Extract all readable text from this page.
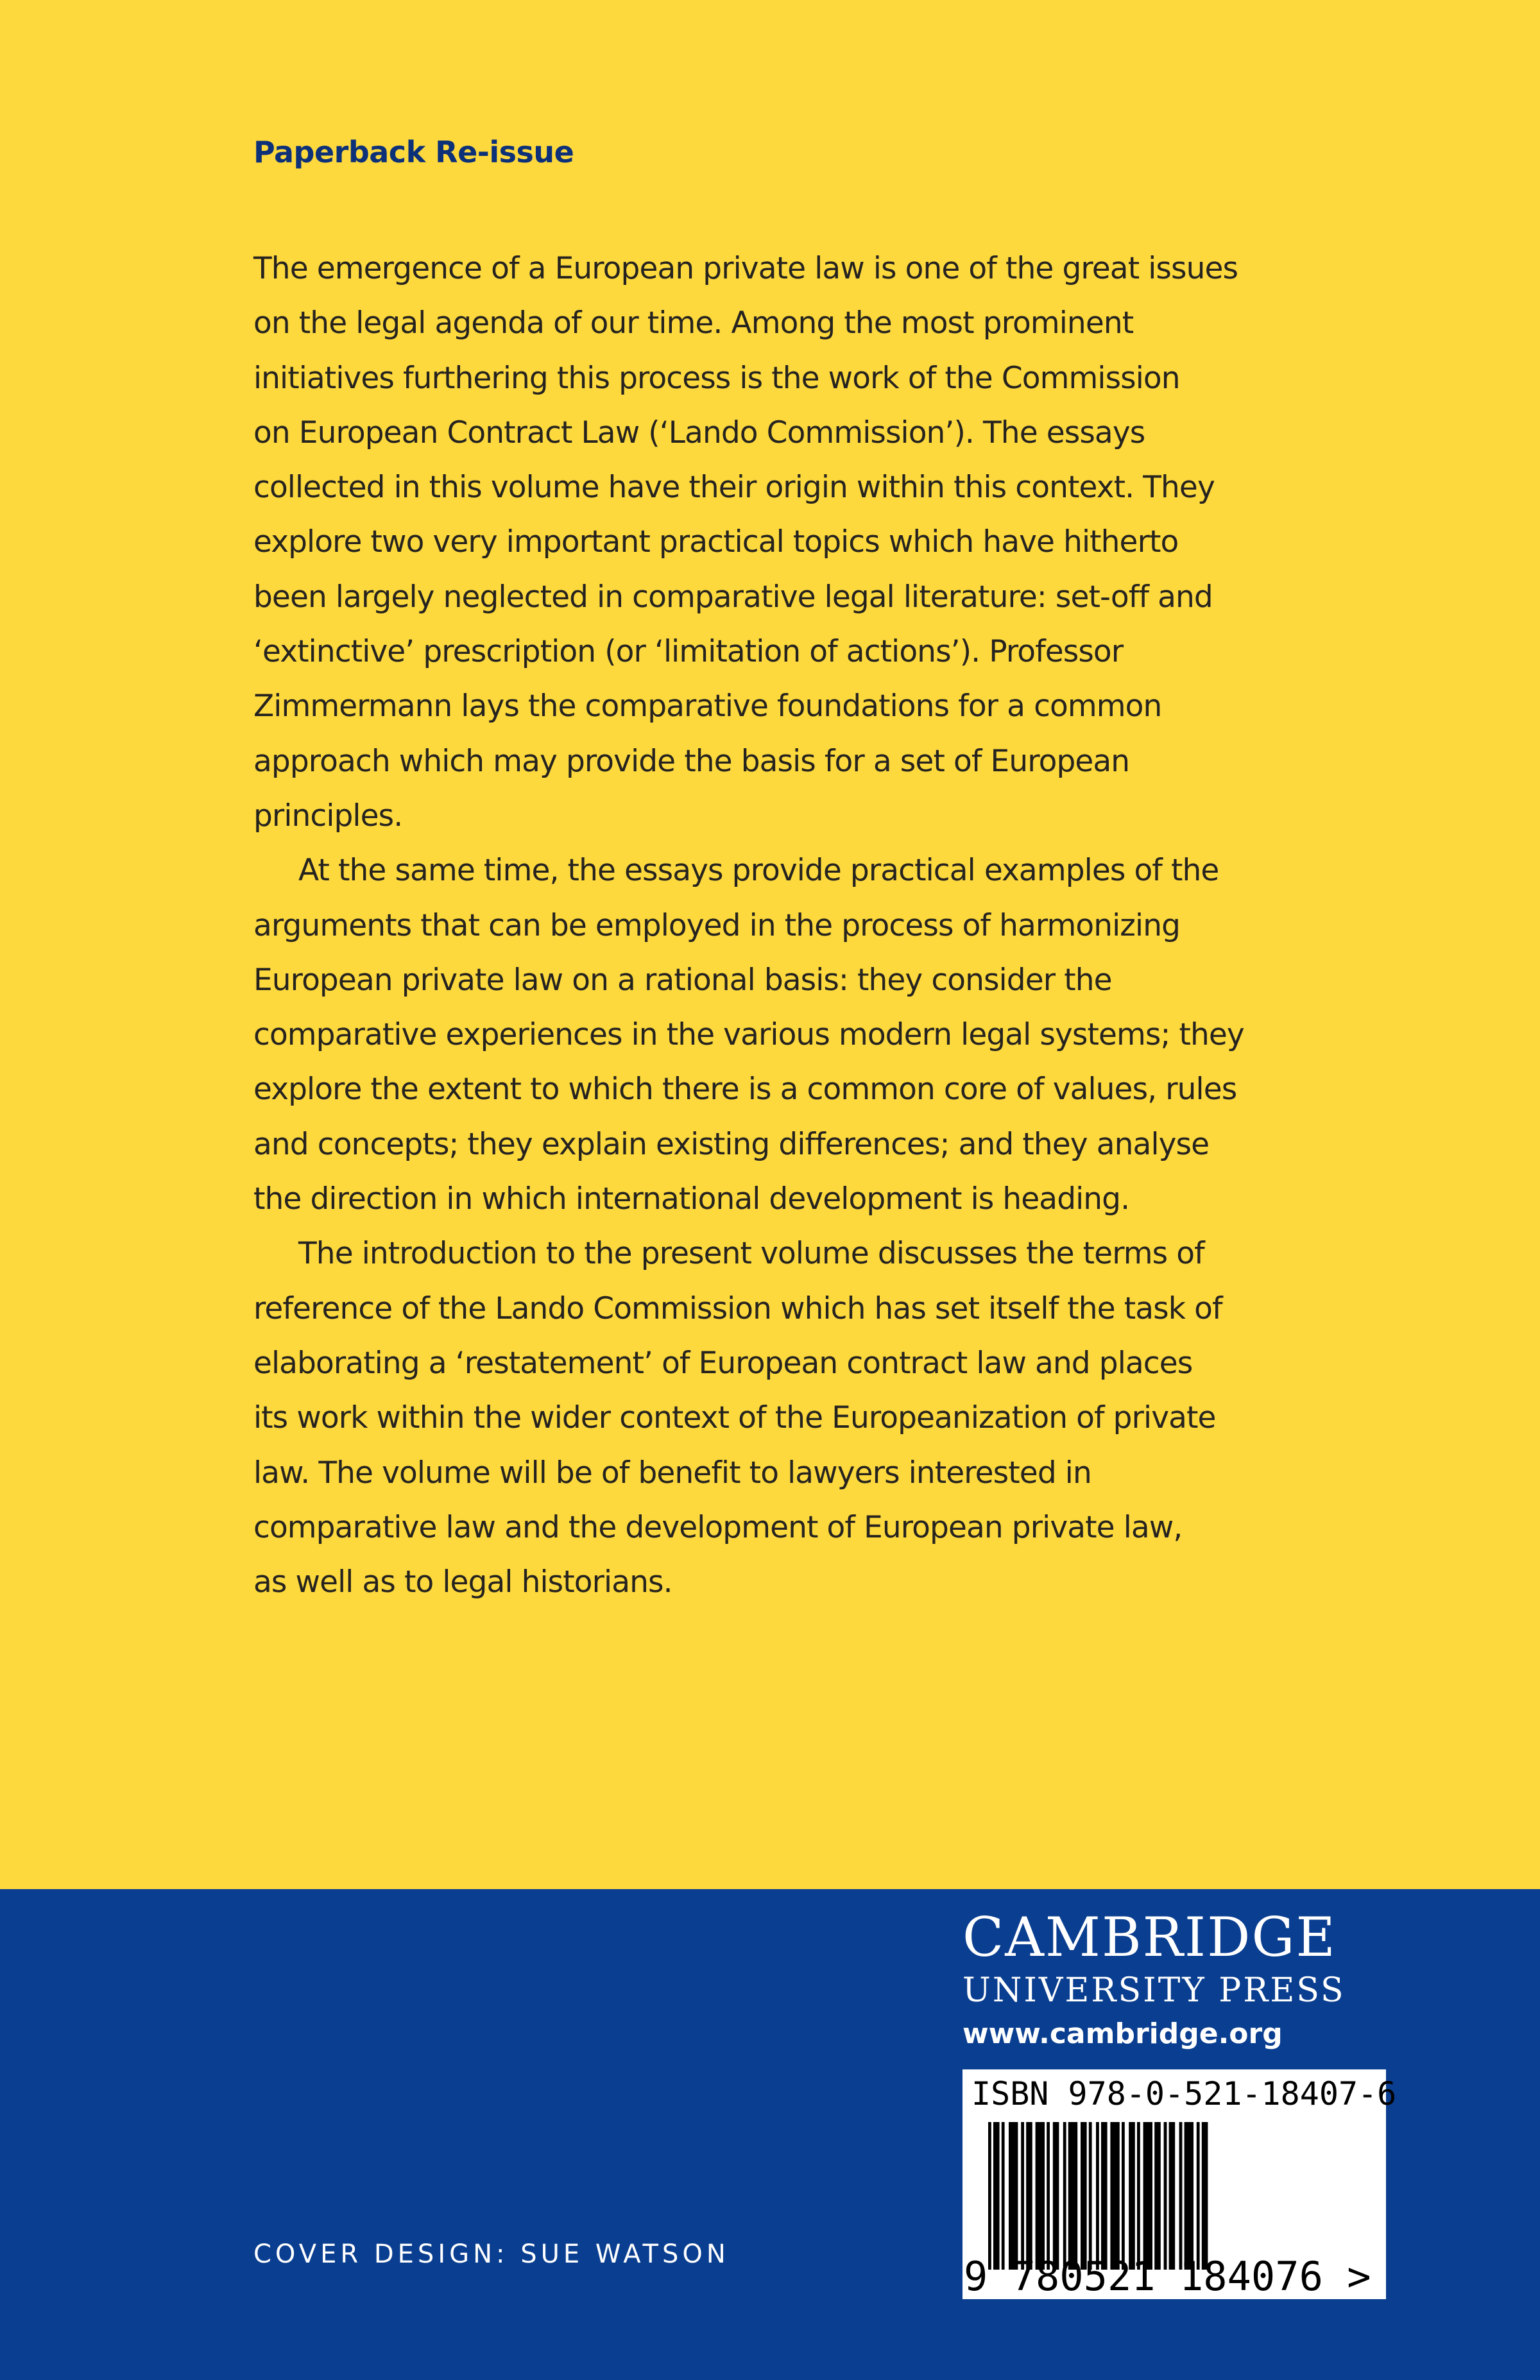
Paperback Re-issue
The emergence of a European private law is one of the great issues
on the legal agenda of our time. Among the most prominent
initiatives furthering this process is the work of the Commission
on European Contract Law (‘Lando Commission’). The essays
collected in this volume have their origin within this context. They
explore two very important practical topics which have hitherto
been largely neglected in comparative legal literature: set-off and
‘extinctive’ prescription (or ‘limitation of actions’). Professor
Zimmermann lays the comparative foundations for a common
approach which may provide the basis for a set of European
principles.
At the same time, the essays provide practical examples of the
arguments that can be employed in the process of harmonizing
European private law on a rational basis: they consider the
comparative experiences in the various modern legal systems; they
explore the extent to which there is a common core of values, rules
and concepts; they explain existing differences; and they analyse
the direction in which international development is heading.
The introduction to the present volume discusses the terms of
reference of the Lando Commission which has set itself the task of
elaborating a ‘restatement’ of European contract law and places
its work within the wider context of the Europeanization of private
law. The volume will be of benefit to lawyers interested in
comparative law and the development of European private law,
as well as to legal historians.
COVER DESIGN: SUE WATSON
CAMBRIDGE
UNIVERSITY PRESS
www.cambridge.org
ISBN 978-0-521-18407-6
9 780521 184076 >
